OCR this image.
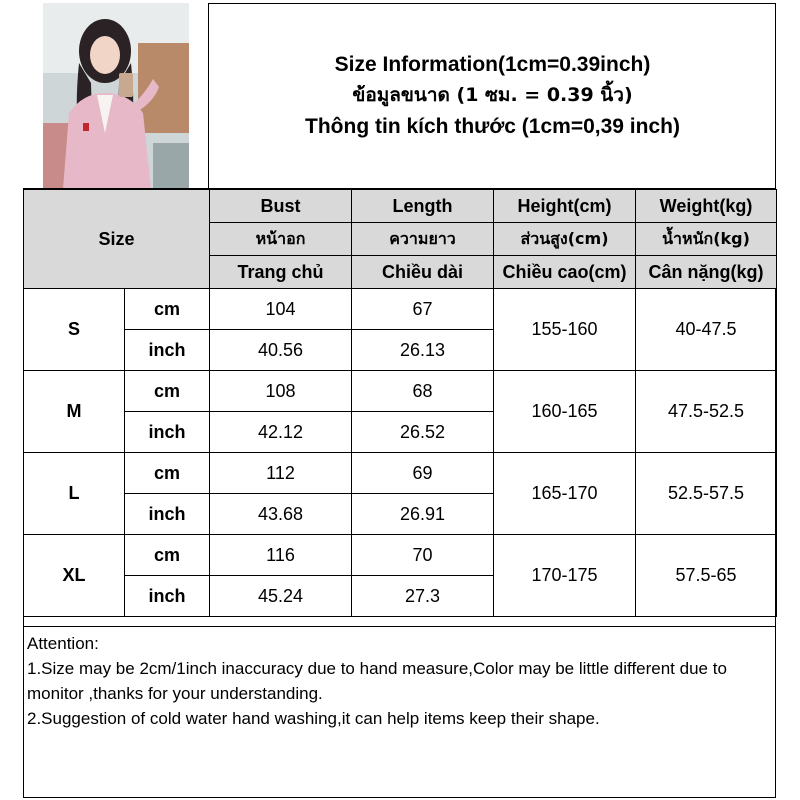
Size Information(1cm=0.39inch)
ข้อมูลขนาด (1 ซม. = 0.39 นิ้ว)
Thông tin kích thước (1cm=0,39 inch)
Size		Bust	Length	Height(cm)	Weight(kg)
		หน้าอก	ความยาว	ส่วนสูง(cm)	น้ำหนัก(kg)
		Trang chủ	Chiều dài	Chiều cao(cm)	Cân nặng(kg)
S	cm	104	67	155-160	40-47.5
	inch	40.56	26.13		
M	cm	108	68	160-165	47.5-52.5
	inch	42.12	26.52		
L	cm	112	69	165-170	52.5-57.5
	inch	43.68	26.91		
XL	cm	116	70	170-175	57.5-65
	inch	45.24	27.3		
Attention:
1.Size may be 2cm/1inch inaccuracy due to hand measure,Color may be little different due to monitor ,thanks for your understanding.
2.Suggestion of cold water hand washing,it can help items keep their shape.
